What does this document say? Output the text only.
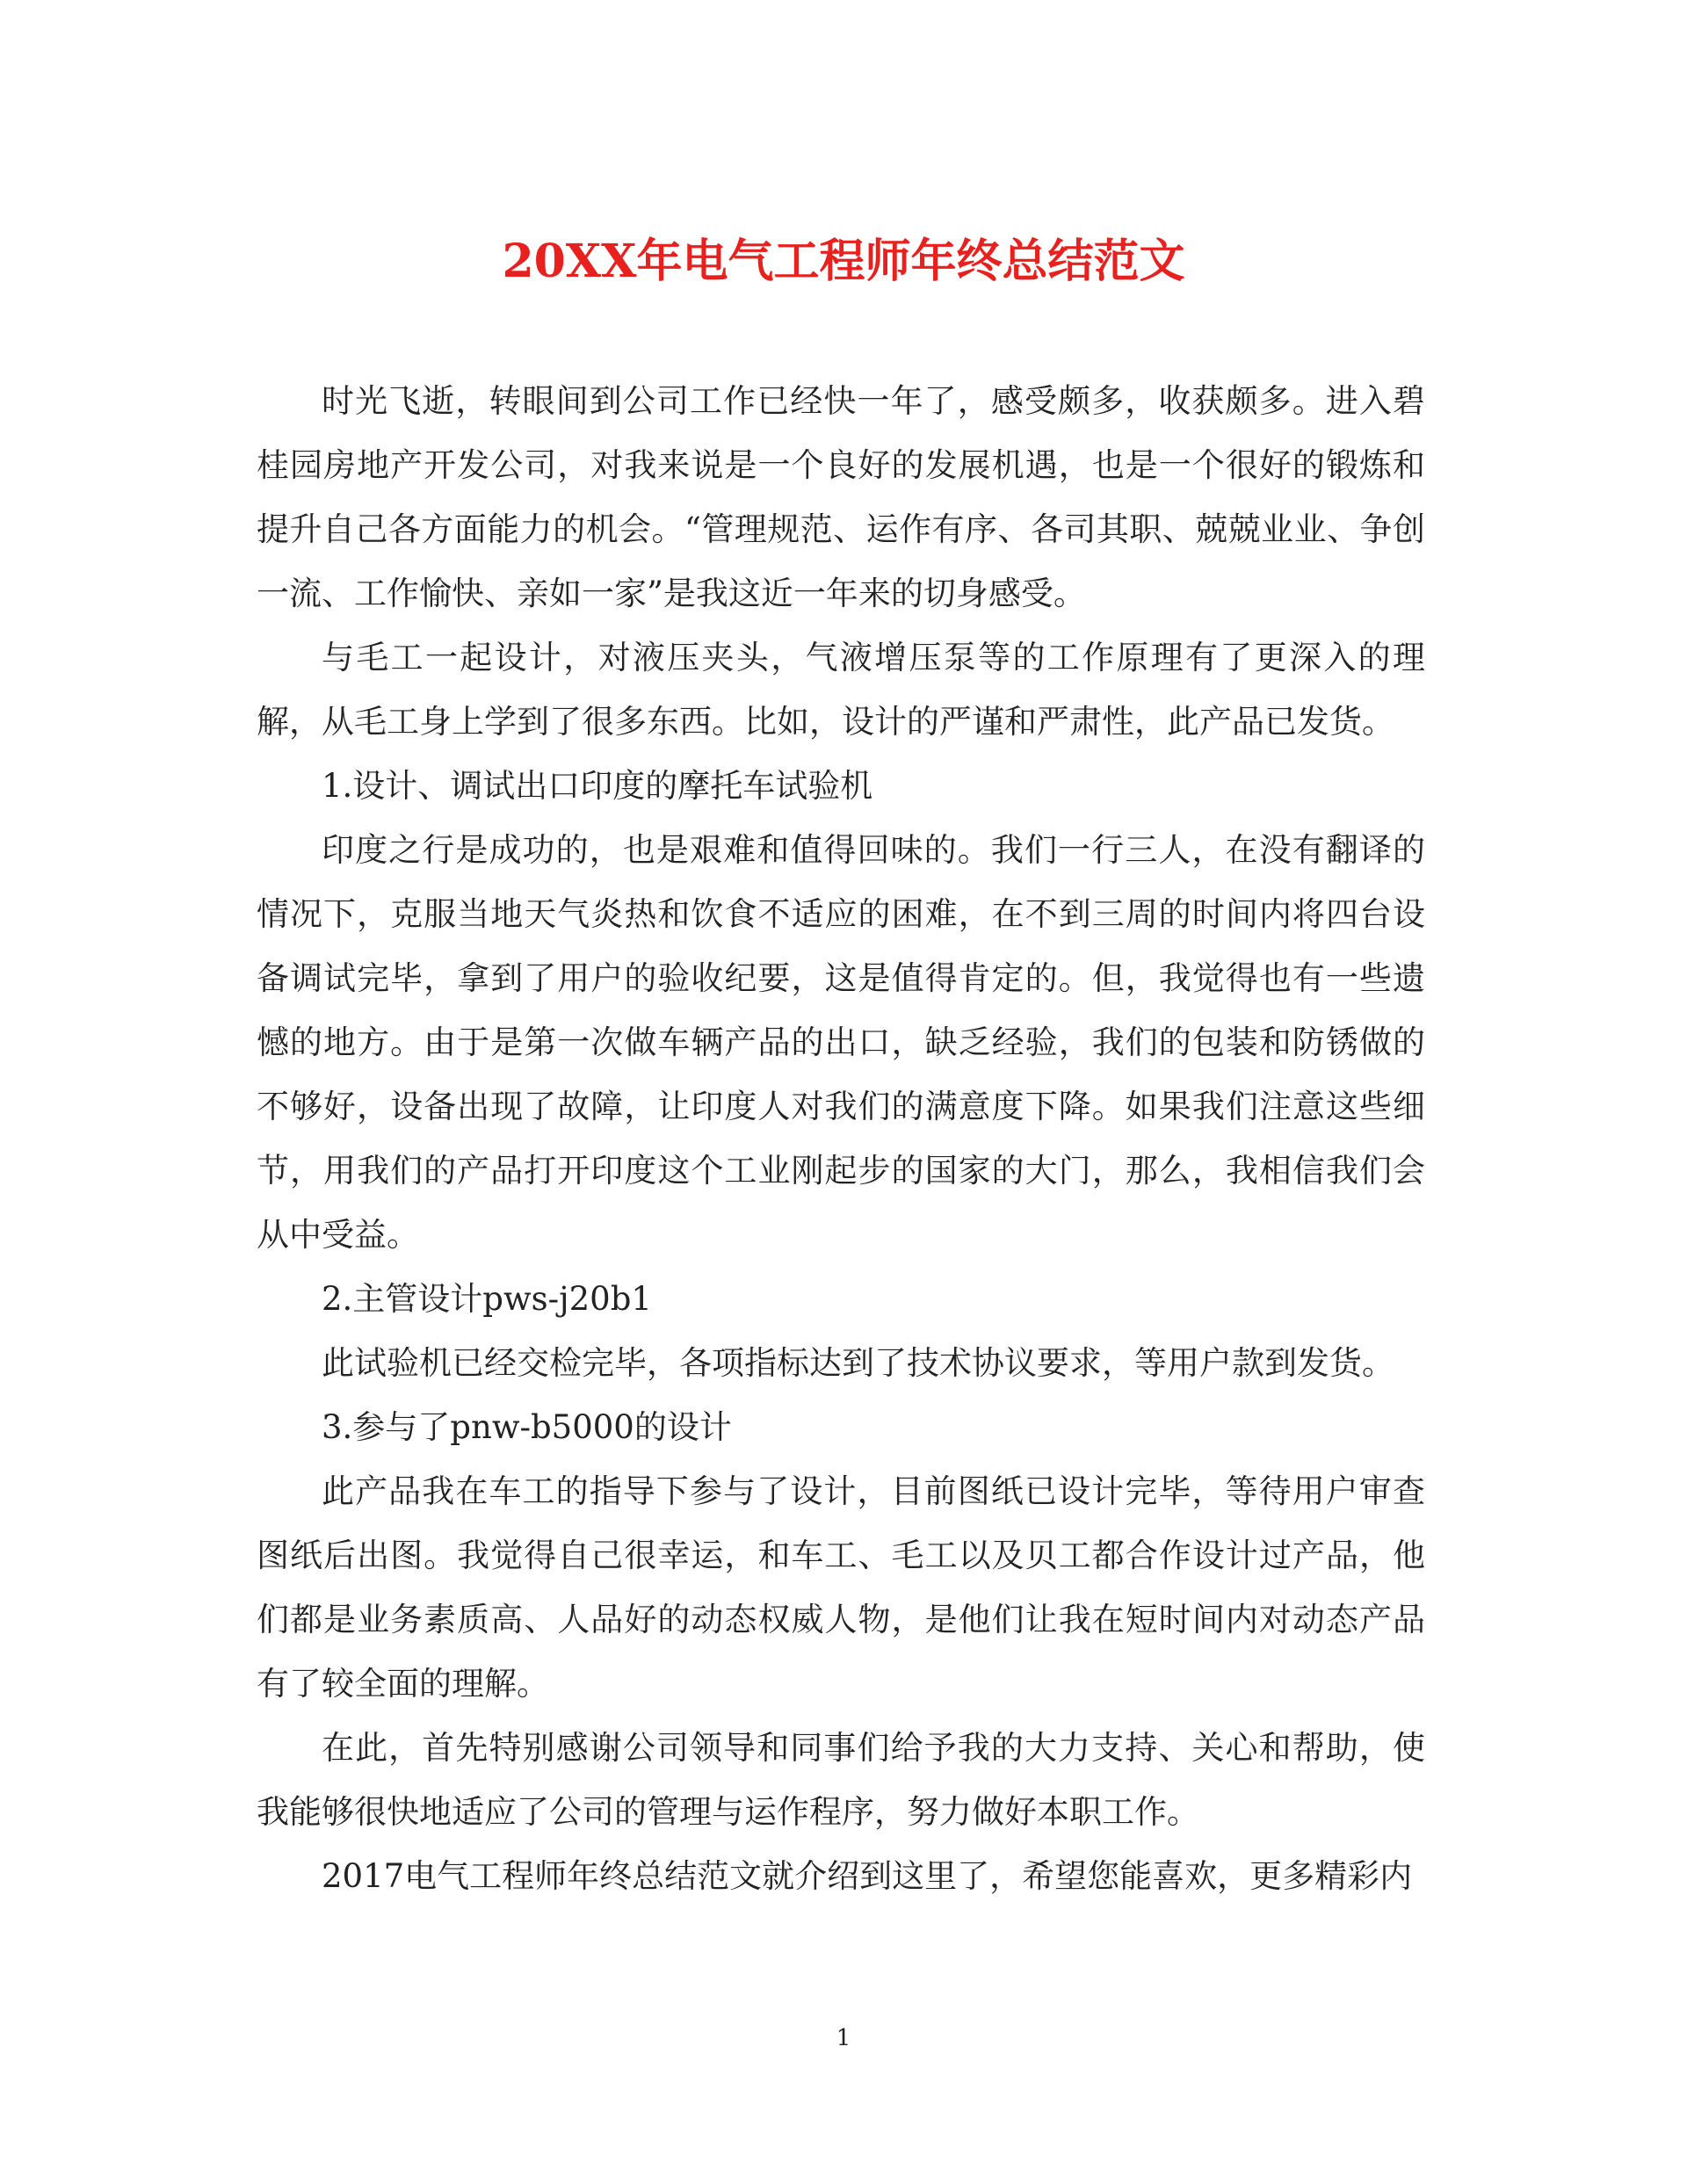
20XX年电气工程师年终总结范文

时光飞逝，转眼间到公司工作已经快一年了，感受颇多，收获颇多。进入碧桂园房地产开发公司，对我来说是一个良好的发展机遇，也是一个很好的锻炼和提升自己各方面能力的机会。“管理规范、运作有序、各司其职、兢兢业业、争创一流、工作愉快、亲如一家”是我这近一年来的切身感受。

与毛工一起设计，对液压夹头，气液增压泵等的工作原理有了更深入的理解，从毛工身上学到了很多东西。比如，设计的严谨和严肃性，此产品已发货。

1.设计、调试出口印度的摩托车试验机

印度之行是成功的，也是艰难和值得回味的。我们一行三人，在没有翻译的情况下，克服当地天气炎热和饮食不适应的困难，在不到三周的时间内将四台设备调试完毕，拿到了用户的验收纪要，这是值得肯定的。但，我觉得也有一些遗憾的地方。由于是第一次做车辆产品的出口，缺乏经验，我们的包装和防锈做的不够好，设备出现了故障，让印度人对我们的满意度下降。如果我们注意这些细节，用我们的产品打开印度这个工业刚起步的国家的大门，那么，我相信我们会从中受益。

2.主管设计pws-j20b1

此试验机已经交检完毕，各项指标达到了技术协议要求，等用户款到发货。

3.参与了pnw-b5000的设计

此产品我在车工的指导下参与了设计，目前图纸已设计完毕，等待用户审查图纸后出图。我觉得自己很幸运，和车工、毛工以及贝工都合作设计过产品，他们都是业务素质高、人品好的动态权威人物，是他们让我在短时间内对动态产品有了较全面的理解。

在此，首先特别感谢公司领导和同事们给予我的大力支持、关心和帮助，使我能够很快地适应了公司的管理与运作程序，努力做好本职工作。

2017电气工程师年终总结范文就介绍到这里了，希望您能喜欢，更多精彩内

1
